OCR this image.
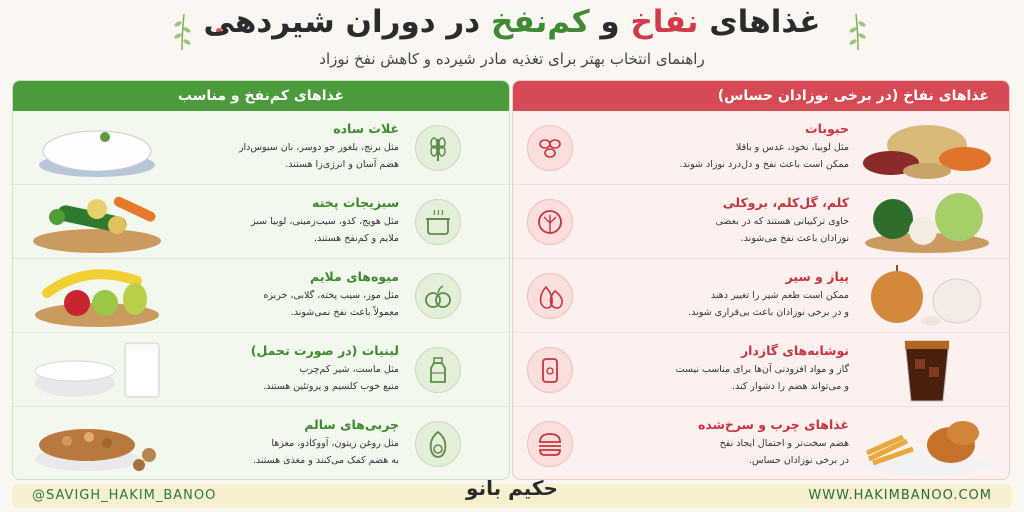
غذاهای نفاخ و کم‌نفخ در دوران شیردهی
راهنمای انتخاب بهتر برای تغذیه مادر شیرده و کاهش نفخ نوزاد
غذاهای کم‌نفخ و مناسب
غلات ساده
مثل برنج، بلغور جو دوسر، نان سبوس‌دار
هضم آسان و انرژی‌زا هستند.
سبزیجات پخته
مثل هویج، کدو، سیب‌زمینی، لوبیا سبز
ملایم و کم‌نفخ هستند.
میوه‌های ملایم
مثل موز، سیب پخته، گلابی، خربزه
معمولاً باعث نفخ نمی‌شوند.
لبنیات (در صورت تحمل)
مثل ماست، شیر کم‌چرب
منبع خوب کلسیم و پروتئین هستند.
چربی‌های سالم
مثل روغن زیتون، آووکادو، مغزها
به هضم کمک می‌کنند و مغذی هستند.
غذاهای نفاخ (در برخی نوزادان حساس)
حبوبات
مثل لوبیا، نخود، عدس و باقلا
ممکن است باعث نفخ و دل‌درد نوزاد شوند.
کلم، گل‌کلم، بروکلی
حاوی ترکیباتی هستند که در بعضی
نوزادان باعث نفخ می‌شوند.
پیاز و سیر
ممکن است طعم شیر را تغییر دهند
و در برخی نوزادان باعث بی‌قراری شوند.
نوشابه‌های گازدار
گاز و مواد افزودنی آن‌ها برای مناسب نیست
و می‌تواند هضم را دشوار کند.
غذاهای چرب و سرخ‌شده
هضم سخت‌تر و احتمال ایجاد نفخ
در برخی نوزادان حساس.
@SAVIGH_HAKIM_BANOO	WWW.HAKIMBANOO.COM
حکیم بانو
